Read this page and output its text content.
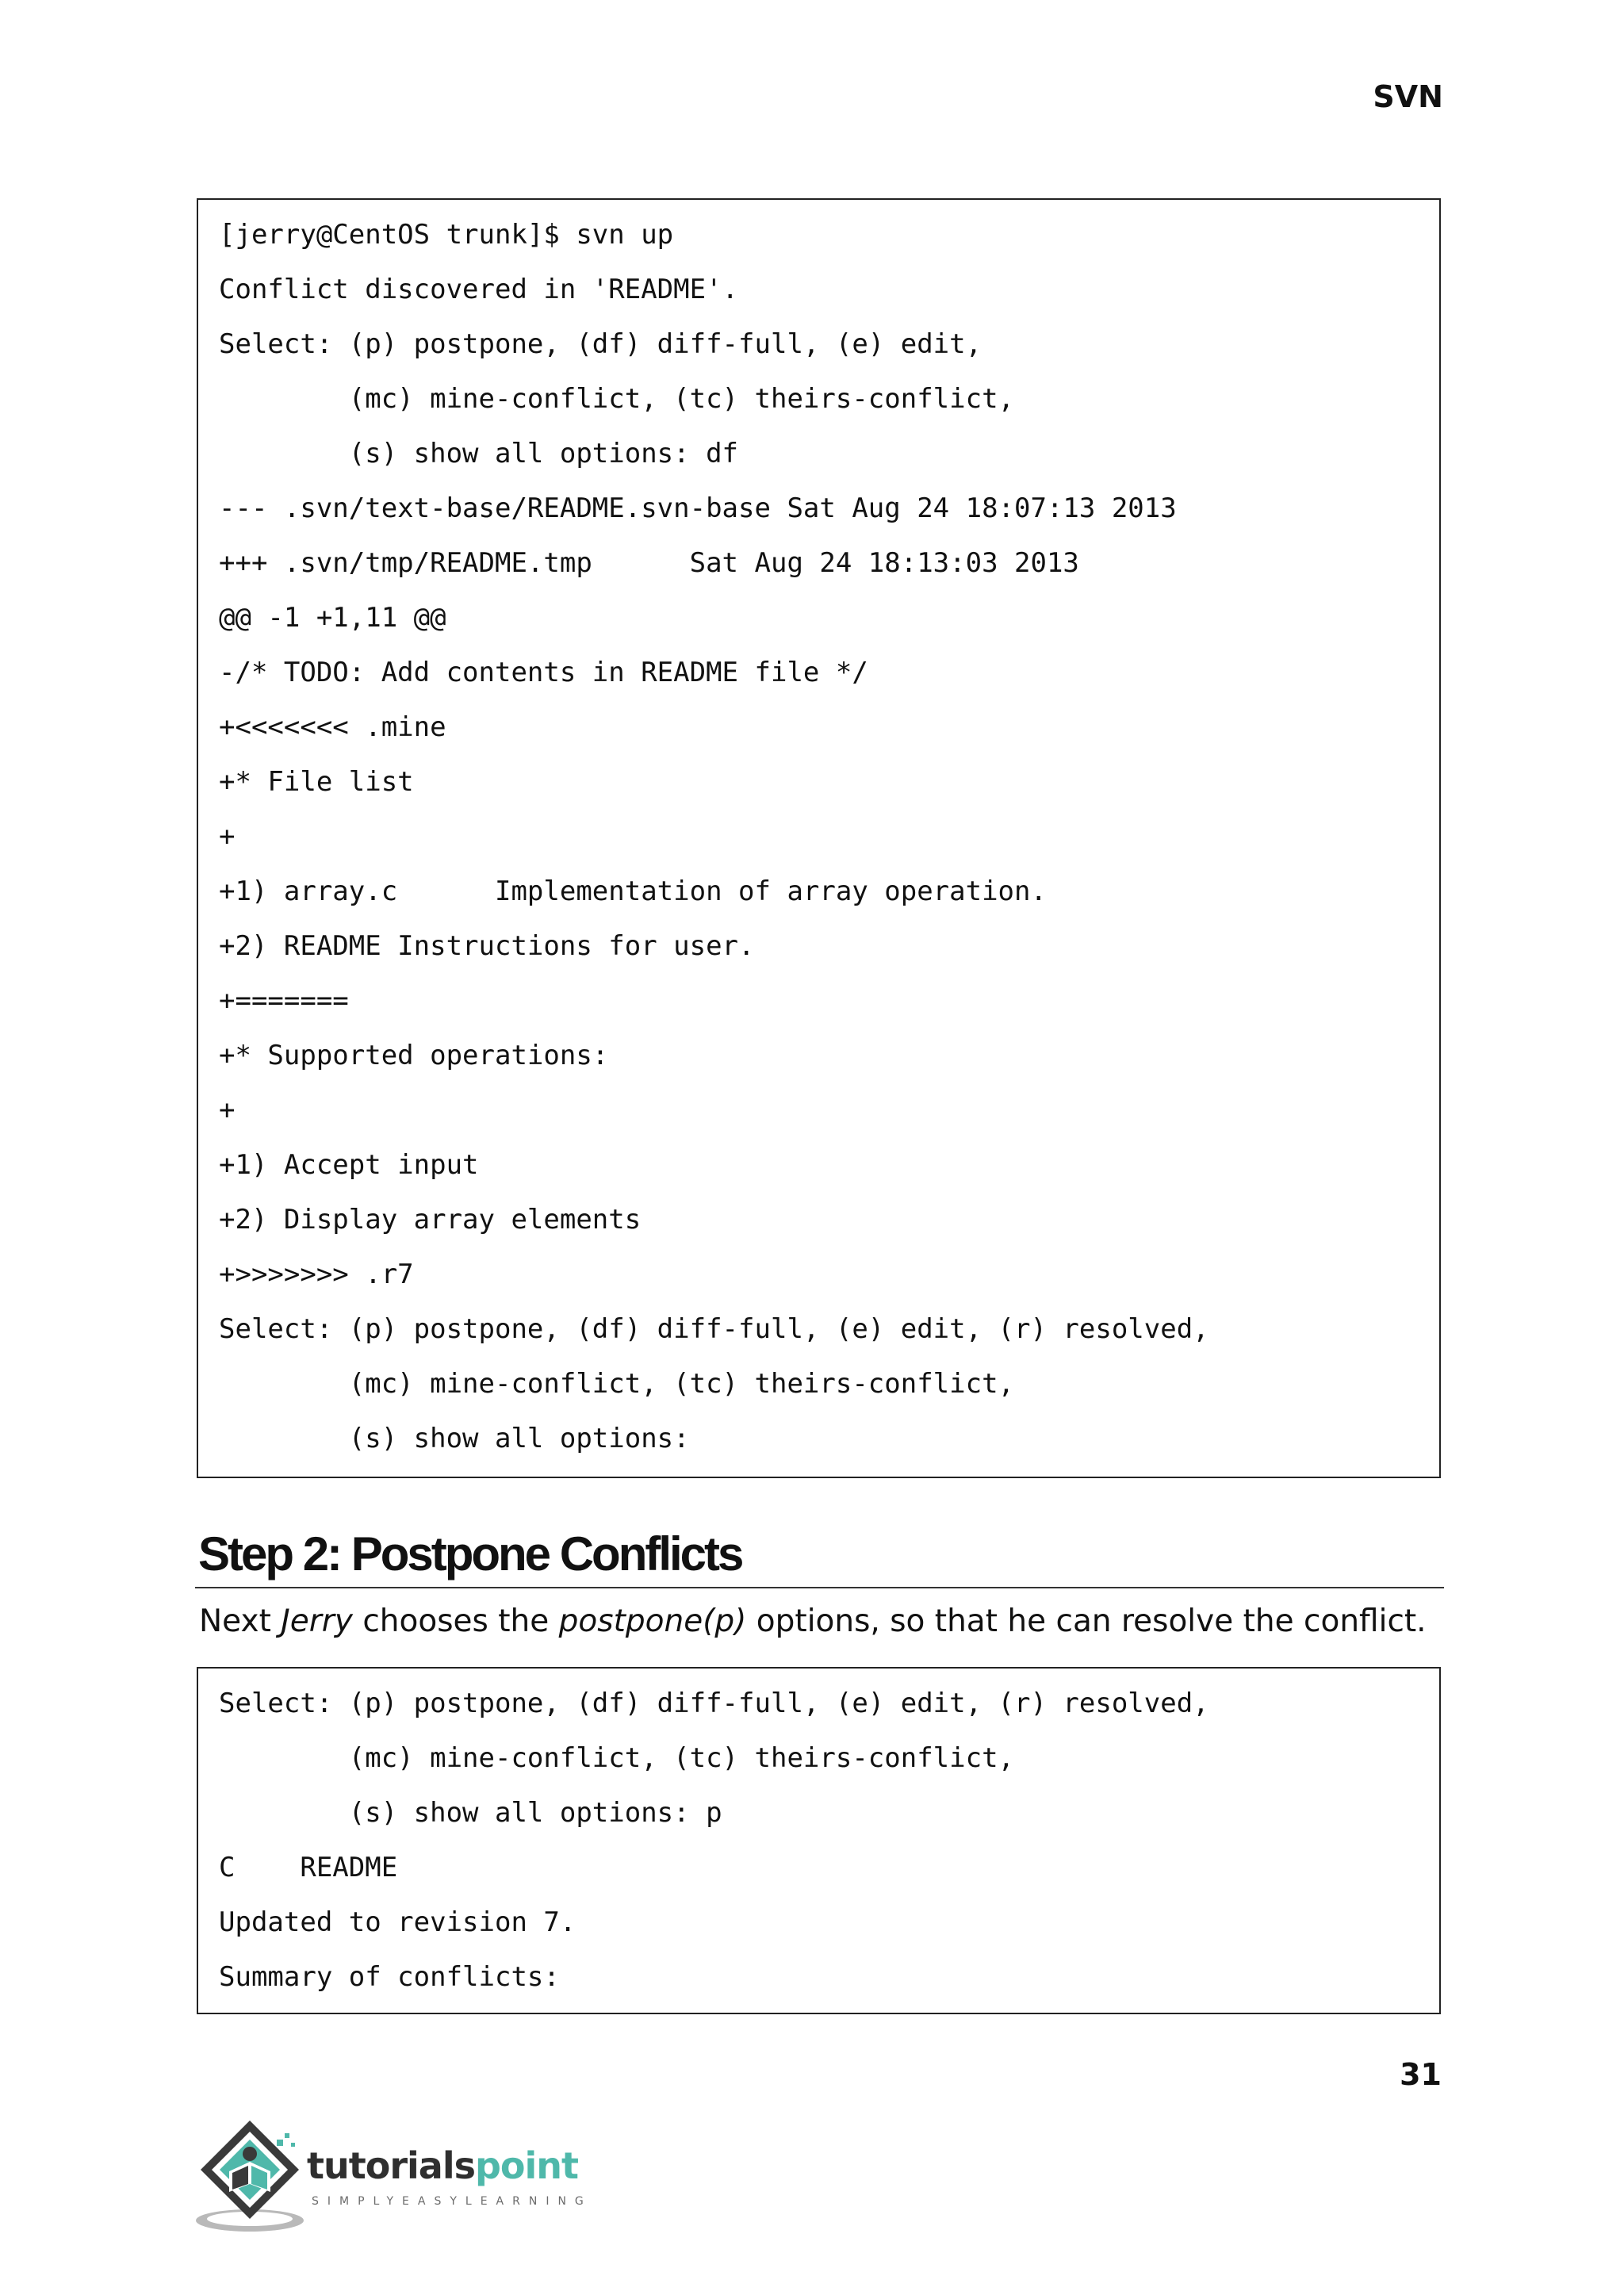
SVN
[jerry@CentOS trunk]$ svn up
Conflict discovered in 'README'.
Select: (p) postpone, (df) diff-full, (e) edit,
(mc) mine-conflict, (tc) theirs-conflict,
(s) show all options: df
--- .svn/text-base/README.svn-base Sat Aug 24 18:07:13 2013
+++ .svn/tmp/README.tmp      Sat Aug 24 18:13:03 2013
@@ -1 +1,11 @@
-/* TODO: Add contents in README file */
+<<<<<<< .mine
+* File list
+
+1) array.c      Implementation of array operation.
+2) README Instructions for user.
+=======
+* Supported operations:
+
+1) Accept input
+2) Display array elements
+>>>>>>> .r7
Select: (p) postpone, (df) diff-full, (e) edit, (r) resolved,
(mc) mine-conflict, (tc) theirs-conflict,
(s) show all options:
Step 2: Postpone Conflicts
Next Jerry chooses the postpone(p) options, so that he can resolve the conflict.
Select: (p) postpone, (df) diff-full, (e) edit, (r) resolved,
(mc) mine-conflict, (tc) theirs-conflict,
(s) show all options: p
C    README
Updated to revision 7.
Summary of conflicts:
31
tutorialspoint
SIMPLYEASYLEARNING
